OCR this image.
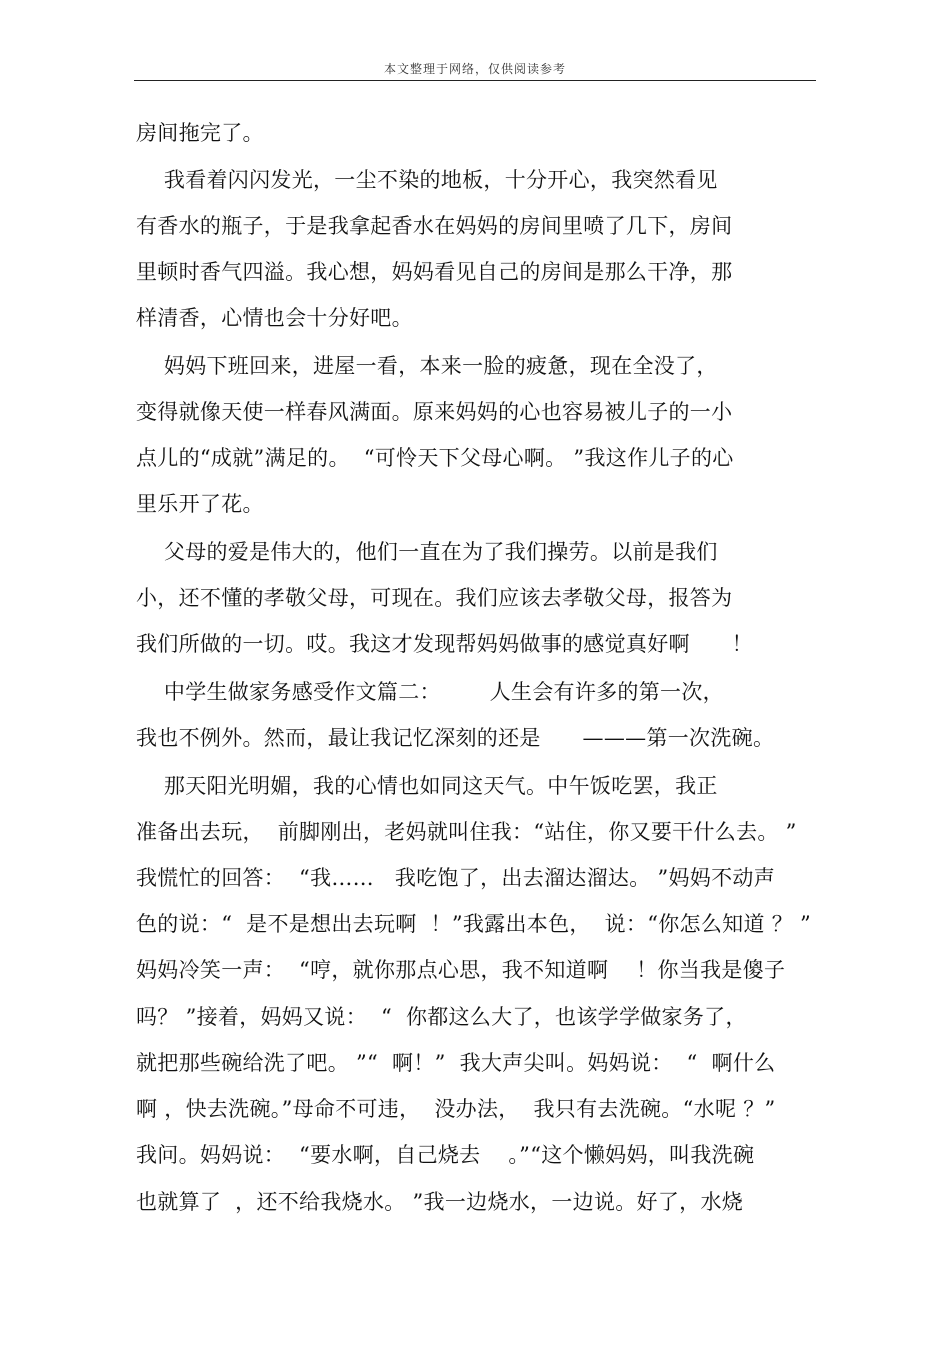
本文整理于网络，仅供阅读参考
房间拖完了。
我看着闪闪发光，一尘不染的地板，十分开心，我突然看见
有香水的瓶子，于是我拿起香水在妈妈的房间里喷了几下，房间
里顿时香气四溢。我心想，妈妈看见自己的房间是那么干净，那
样清香，心情也会十分好吧。
妈妈下班回来，进屋一看，本来一脸的疲惫，现在全没了，
变得就像天使一样春风满面。原来妈妈的心也容易被儿子的一小
点儿的“成就”满足的。  “可怜天下父母心啊。 ”我这作儿子的心
里乐开了花。
父母的爱是伟大的，他们一直在为了我们操劳。以前是我们
小，还不懂的孝敬父母，可现在。我们应该去孝敬父母，报答为
我们所做的一切。哎。我这才发现帮妈妈做事的感觉真好啊      ！
中学生做家务感受作文篇二：       人生会有许多的第一次，
我也不例外。然而，最让我记忆深刻的还是      ———第一次洗碗。
那天阳光明媚，我的心情也如同这天气。中午饭吃罢，我正
准备出去玩，  前脚刚出，老妈就叫住我：“站住，你又要干什么去。 ”
我慌忙的回答：  “我……   我吃饱了，出去溜达溜达。 ”妈妈不动声
色的说：“  是不是想出去玩啊  ！”我露出本色，  说：“你怎么知道 ？ ”
妈妈冷笑一声：  “哼，就你那点心思，我不知道啊    ！你当我是傻子
吗？ ”接着，妈妈又说：  “  你都这么大了，也该学学做家务了，
就把那些碗给洗了吧。 ”“  啊！”  我大声尖叫。妈妈说：  “  啊什么
啊 ，快去洗碗。”母命不可违，  没办法，  我只有去洗碗。“水呢 ？”
我问。妈妈说：  “要水啊，自己烧去    。”“这个懒妈妈，叫我洗碗
也就算了  ，还不给我烧水。 ”我一边烧水，一边说。好了，水烧
